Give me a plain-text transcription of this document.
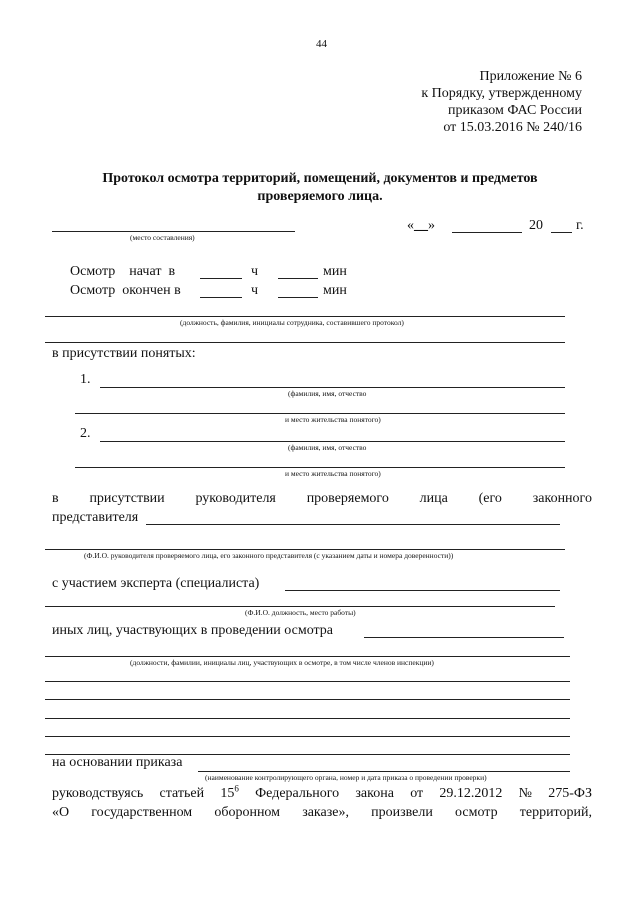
44
Приложение № 6
к Порядку, утвержденному
приказом ФАС России
от 15.03.2016 № 240/16
Протокол осмотра территорий, помещений, документов и предметов
проверяемого лица.
(место составления)
«__»	20 г.
Осмотр    начат  в	ч	мин
Осмотр  окончен в	ч	мин
(должность, фамилия, инициалы сотрудника, составившего протокол)
в присутствии понятых:
1.
(фамилия, имя, отчество
и место жительства понятого)
2.
(фамилия, имя, отчество
и место жительства понятого)
в присутствии руководителя проверяемого лица (его законного
представителя
(Ф.И.О. руководителя проверяемого лица, его законного представителя (с указанием даты и номера доверенности))
с участием эксперта (специалиста)
(Ф.И.О. должность, место работы)
иных лиц, участвующих в проведении осмотра
(должности, фамилии, инициалы лиц, участвующих в осмотре, в том числе членов инспекции)
на основании приказа
(наименование контролирующего органа, номер и дата приказа о проведении проверки)
руководствуясь статьей $15^6$ Федерального закона от 29.12.2012 № 275-ФЗ
«О государственном оборонном заказе», произвели осмотр территорий,
